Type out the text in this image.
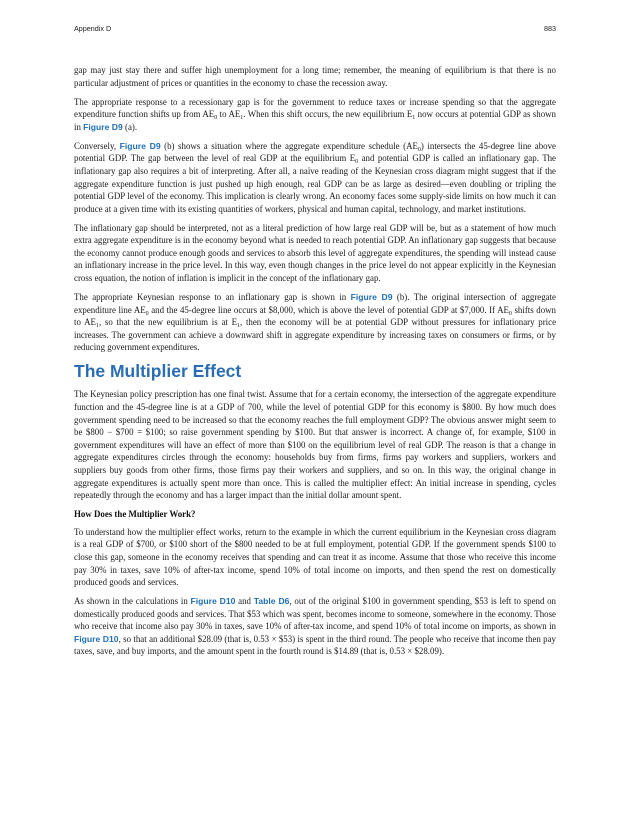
Appendix D	883

gap may just stay there and suffer high unemployment for a long time; remember, the meaning of equilibrium is that there is no particular adjustment of prices or quantities in the economy to chase the recession away.

The appropriate response to a recessionary gap is for the government to reduce taxes or increase spending so that the aggregate expenditure function shifts up from $AE_0$ to $AE_1$. When this shift occurs, the new equilibrium $E_1$ now occurs at potential GDP as shown in Figure D9 (a).

Conversely, Figure D9 (b) shows a situation where the aggregate expenditure schedule $(AE_0)$ intersects the 45-degree line above potential GDP. The gap between the level of real GDP at the equilibrium $E_0$ and potential GDP is called an inflationary gap. The inflationary gap also requires a bit of interpreting. After all, a naïve reading of the Keynesian cross diagram might suggest that if the aggregate expenditure function is just pushed up high enough, real GDP can be as large as desired—even doubling or tripling the potential GDP level of the economy. This implication is clearly wrong. An economy faces some supply-side limits on how much it can produce at a given time with its existing quantities of workers, physical and human capital, technology, and market institutions.

The inflationary gap should be interpreted, not as a literal prediction of how large real GDP will be, but as a statement of how much extra aggregate expenditure is in the economy beyond what is needed to reach potential GDP. An inflationary gap suggests that because the economy cannot produce enough goods and services to absorb this level of aggregate expenditures, the spending will instead cause an inflationary increase in the price level. In this way, even though changes in the price level do not appear explicitly in the Keynesian cross equation, the notion of inflation is implicit in the concept of the inflationary gap.

The appropriate Keynesian response to an inflationary gap is shown in Figure D9 (b). The original intersection of aggregate expenditure line $AE_0$ and the 45-degree line occurs at $8,000, which is above the level of potential GDP at $7,000. If $AE_0$ shifts down to $AE_1$, so that the new equilibrium is at $E_1$, then the economy will be at potential GDP without pressures for inflationary price increases. The government can achieve a downward shift in aggregate expenditure by increasing taxes on consumers or firms, or by reducing government expenditures.

The Multiplier Effect

The Keynesian policy prescription has one final twist. Assume that for a certain economy, the intersection of the aggregate expenditure function and the 45-degree line is at a GDP of 700, while the level of potential GDP for this economy is $800. By how much does government spending need to be increased so that the economy reaches the full employment GDP? The obvious answer might seem to be $800 − $700 = $100; so raise government spending by $100. But that answer is incorrect. A change of, for example, $100 in government expenditures will have an effect of more than $100 on the equilibrium level of real GDP. The reason is that a change in aggregate expenditures circles through the economy: households buy from firms, firms pay workers and suppliers, workers and suppliers buy goods from other firms, those firms pay their workers and suppliers, and so on. In this way, the original change in aggregate expenditures is actually spent more than once. This is called the multiplier effect: An initial increase in spending, cycles repeatedly through the economy and has a larger impact than the initial dollar amount spent.

How Does the Multiplier Work?

To understand how the multiplier effect works, return to the example in which the current equilibrium in the Keynesian cross diagram is a real GDP of $700, or $100 short of the $800 needed to be at full employment, potential GDP. If the government spends $100 to close this gap, someone in the economy receives that spending and can treat it as income. Assume that those who receive this income pay 30% in taxes, save 10% of after-tax income, spend 10% of total income on imports, and then spend the rest on domestically produced goods and services.

As shown in the calculations in Figure D10 and Table D6, out of the original $100 in government spending, $53 is left to spend on domestically produced goods and services. That $53 which was spent, becomes income to someone, somewhere in the economy. Those who receive that income also pay 30% in taxes, save 10% of after-tax income, and spend 10% of total income on imports, as shown in Figure D10, so that an additional $28.09 (that is, 0.53 × $53) is spent in the third round. The people who receive that income then pay taxes, save, and buy imports, and the amount spent in the fourth round is $14.89 (that is, 0.53 × $28.09).
